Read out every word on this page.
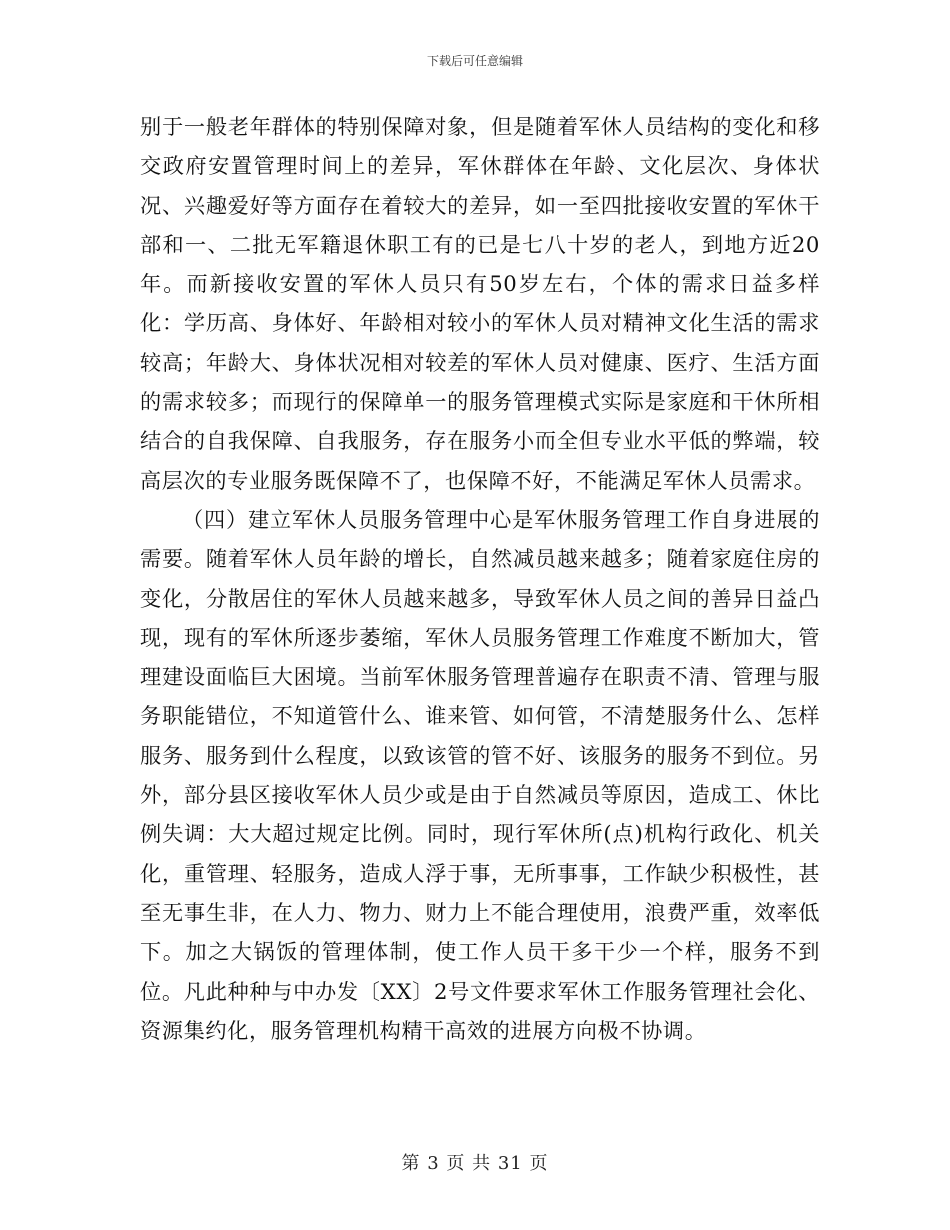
下载后可任意编辑

别于一般老年群体的特别保障对象，但是随着军休人员结构的变化和移交政府安置管理时间上的差异，军休群体在年龄、文化层次、身体状况、兴趣爱好等方面存在着较大的差异，如一至四批接收安置的军休干部和一、二批无军籍退休职工有的已是七八十岁的老人，到地方近20年。而新接收安置的军休人员只有50岁左右，个体的需求日益多样化：学历高、身体好、年龄相对较小的军休人员对精神文化生活的需求较高；年龄大、身体状况相对较差的军休人员对健康、医疗、生活方面的需求较多；而现行的保障单一的服务管理模式实际是家庭和干休所相结合的自我保障、自我服务，存在服务小而全但专业水平低的弊端，较高层次的专业服务既保障不了，也保障不好，不能满足军休人员需求。

（四）建立军休人员服务管理中心是军休服务管理工作自身进展的需要。随着军休人员年龄的增长，自然减员越来越多；随着家庭住房的变化，分散居住的军休人员越来越多，导致军休人员之间的善异日益凸现，现有的军休所逐步萎缩，军休人员服务管理工作难度不断加大，管理建设面临巨大困境。当前军休服务管理普遍存在职责不清、管理与服务职能错位，不知道管什么、谁来管、如何管，不清楚服务什么、怎样服务、服务到什么程度，以致该管的管不好、该服务的服务不到位。另外，部分县区接收军休人员少或是由于自然减员等原因，造成工、休比例失调：大大超过规定比例。同时，现行军休所(点)机构行政化、机关化，重管理、轻服务，造成人浮于事，无所事事，工作缺少积极性，甚至无事生非，在人力、物力、财力上不能合理使用，浪费严重，效率低下。加之大锅饭的管理体制，使工作人员干多干少一个样，服务不到位。凡此种种与中办发〔XX〕2号文件要求军休工作服务管理社会化、资源集约化，服务管理机构精干高效的进展方向极不协调。

第 3 页 共 31 页
